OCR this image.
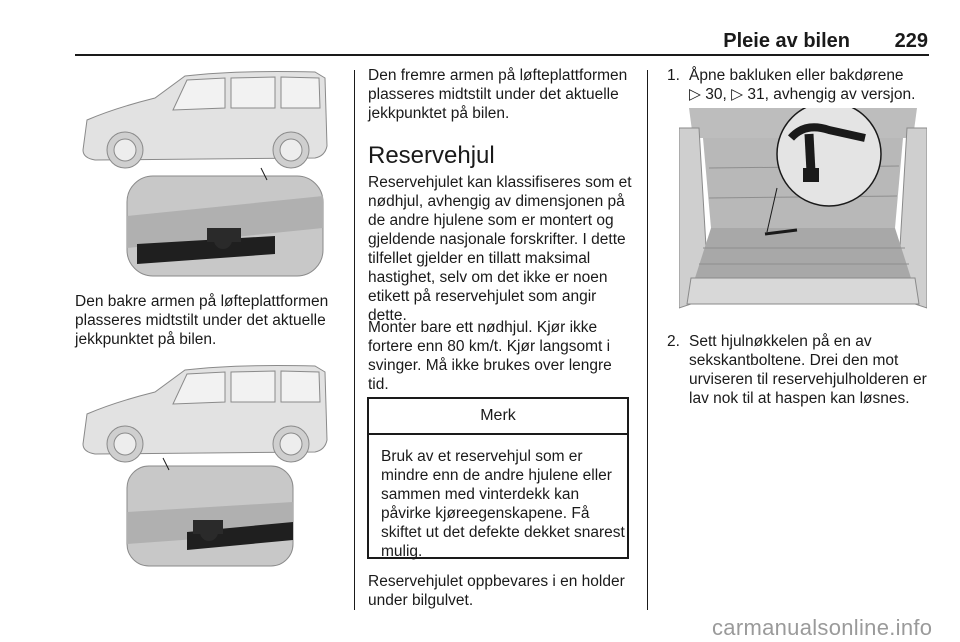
Pleie av bilen	229
Den bakre armen på løfteplattformen plasseres midtstilt under det aktuelle jekkpunktet på bilen.
Den fremre armen på løfteplattformen plasseres midtstilt under det aktuelle jekkpunktet på bilen.
Reservehjul
Reservehjulet kan klassifiseres som et nødhjul, avhengig av dimensjonen på de andre hjulene som er montert og gjeldende nasjonale forskrifter. I dette tilfellet gjelder en tillatt maksimal hastighet, selv om det ikke er noen etikett på reservehjulet som angir dette.
Monter bare ett nødhjul. Kjør ikke fortere enn 80 km/t. Kjør langsomt i svinger. Må ikke brukes over lengre tid.
Merk
Bruk av et reservehjul som er mindre enn de andre hjulene eller sammen med vinterdekk kan påvirke kjøreegenskapene. Få skiftet ut det defekte dekket snarest mulig.
Reservehjulet oppbevares i en holder under bilgulvet.
1. Åpne bakluken eller bakdørene
▷ 30, ▷ 31, avhengig av versjon.
2. Sett hjulnøkkelen på en av sekskantboltene. Drei den mot urviseren til reservehjulholderen er lav nok til at haspen kan løsnes.
carmanualsonline.info
